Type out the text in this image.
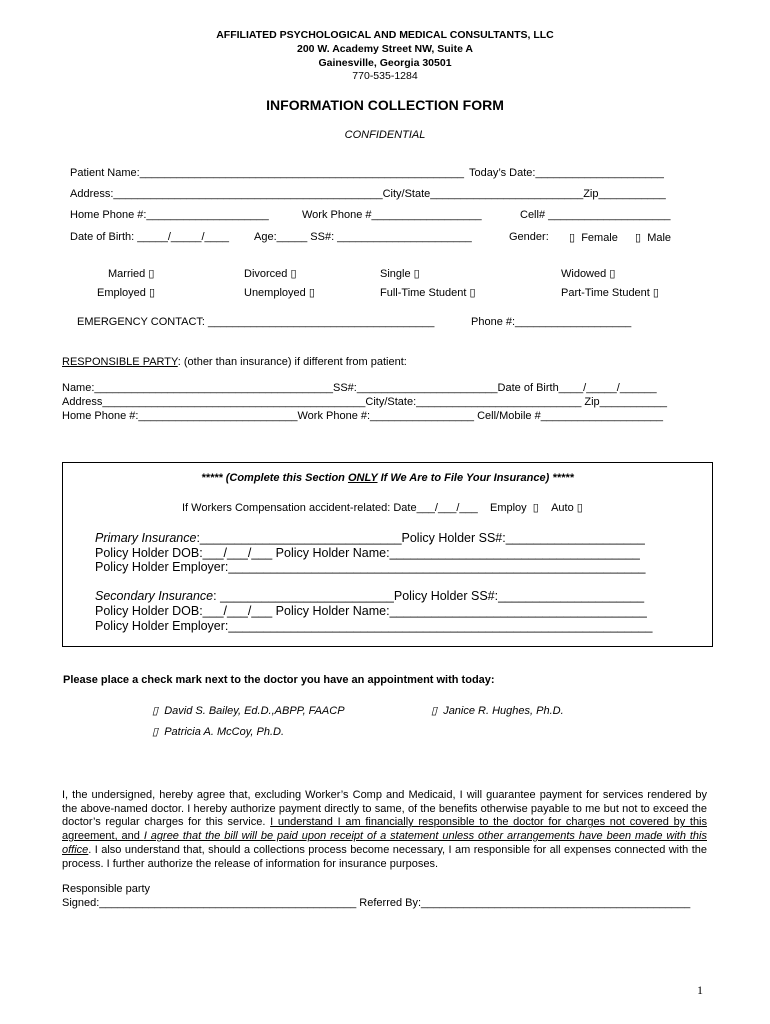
AFFILIATED PSYCHOLOGICAL AND MEDICAL CONSULTANTS, LLC
200 W. Academy Street NW, Suite A
Gainesville, Georgia 30501
770-535-1284
INFORMATION COLLECTION FORM
CONFIDENTIAL
Patient Name:_____________________________________________________ Today’s Date:_____________________
Address:____________________________________________City/State_________________________Zip___________
Home Phone #:____________________	Work Phone #__________________	Cell# ____________________
Date of Birth: _____/_____/____ Age:_____ SS#: ______________________	Gender: ▯ Female ▯ Male
Married ▯	Divorced ▯	Single ▯	Widowed ▯
Employed ▯	Unemployed ▯	Full-Time Student ▯	Part-Time Student ▯
EMERGENCY CONTACT: _____________________________________	Phone #:___________________
RESPONSIBLE PARTY: (other than insurance) if different from patient:
Name:_______________________________________SS#:_______________________Date of Birth____/_____/______
Address___________________________________________City/State:___________________________ Zip___________
Home Phone #:__________________________Work Phone #:_________________ Cell/Mobile #____________________
***** (Complete this Section ONLY If We Are to File Your Insurance) *****
If Workers Compensation accident-related: Date___/___/___ Employ ▯ Auto ▯
Primary Insurance:_____________________________Policy Holder SS#:____________________
Policy Holder DOB:___/___/___ Policy Holder Name:____________________________________
Policy Holder Employer:____________________________________________________________
Secondary Insurance: _________________________Policy Holder SS#:_____________________
Policy Holder DOB:___/___/___ Policy Holder Name:_____________________________________
Policy Holder Employer:_____________________________________________________________
Please place a check mark next to the doctor you have an appointment with today:
▯ David S. Bailey, Ed.D.,ABPP, FAACP	▯ Janice R. Hughes, Ph.D.
▯ Patricia A. McCoy, Ph.D.
I, the undersigned, hereby agree that, excluding Worker’s Comp and Medicaid, I will guarantee payment for services rendered by the above-named doctor. I hereby authorize payment directly to same, of the benefits otherwise payable to me but not to exceed the doctor’s regular charges for this service. I understand I am financially responsible to the doctor for charges not covered by this agreement, and I agree that the bill will be paid upon receipt of a statement unless other arrangements have been made with this office. I also understand that, should a collections process become necessary, I am responsible for all expenses connected with the process. I further authorize the release of information for insurance purposes.
Responsible party
Signed:__________________________________________ Referred By:____________________________________________
1
